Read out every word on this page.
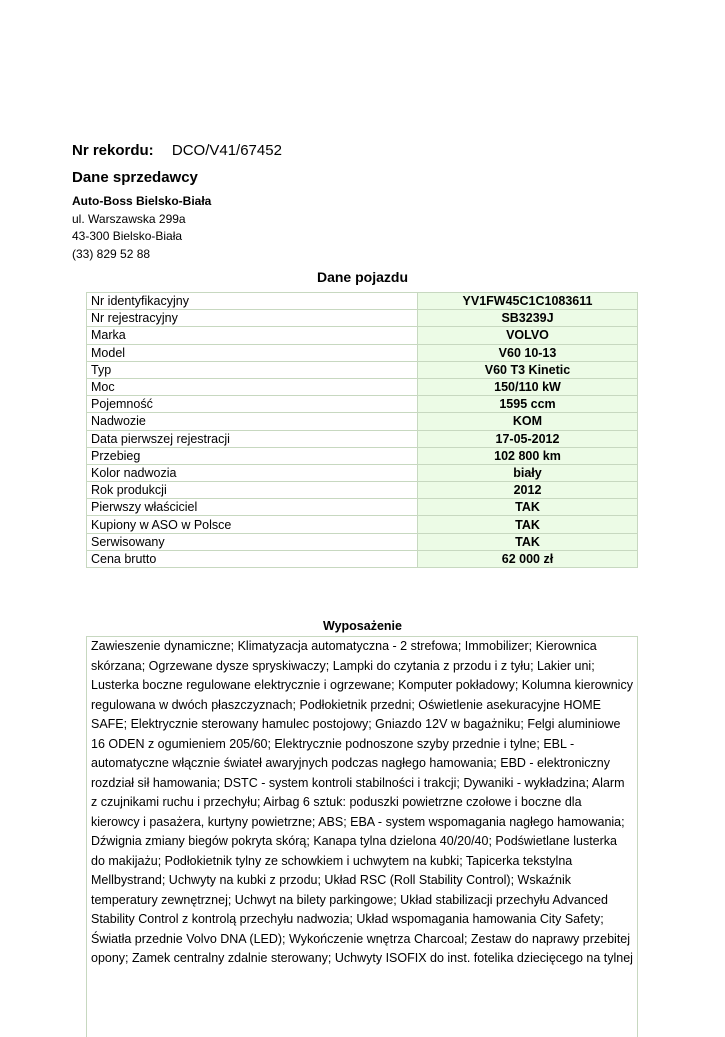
Nr rekordu: DCO/V41/67452
Dane sprzedawcy
Auto-Boss Bielsko-Biała
ul. Warszawska 299a
43-300 Bielsko-Biała
(33) 829 52 88
Dane pojazdu
Nr identyfikacyjny	YV1FW45C1C1083611
Nr rejestracyjny	SB3239J
Marka	VOLVO
Model	V60 10-13
Typ	V60 T3 Kinetic
Moc	150/110 kW
Pojemność	1595 ccm
Nadwozie	KOM
Data pierwszej rejestracji	17-05-2012
Przebieg	102 800 km
Kolor nadwozia	biały
Rok produkcji	2012
Pierwszy właściciel	TAK
Kupiony w ASO w Polsce	TAK
Serwisowany	TAK
Cena brutto	62 000 zł
Wyposażenie
Zawieszenie dynamiczne; Klimatyzacja automatyczna - 2 strefowa; Immobilizer; Kierownica skórzana; Ogrzewane dysze spryskiwaczy; Lampki do czytania z przodu i z tyłu; Lakier uni; Lusterka boczne regulowane elektrycznie i ogrzewane; Komputer pokładowy; Kolumna kierownicy regulowana w dwóch płaszczyznach; Podłokietnik przedni; Oświetlenie asekuracyjne HOME SAFE; Elektrycznie sterowany hamulec postojowy; Gniazdo 12V w bagażniku; Felgi aluminiowe 16 ODEN z ogumieniem 205/60; Elektrycznie podnoszone szyby przednie i tylne; EBL - automatyczne włącznie świateł awaryjnych podczas nagłego hamowania; EBD - elektroniczny rozdział sił hamowania; DSTC - system kontroli stabilności i trakcji; Dywaniki - wykładzina; Alarm z czujnikami ruchu i przechyłu; Airbag 6 sztuk: poduszki powietrzne czołowe i boczne dla kierowcy i pasażera, kurtyny powietrzne; ABS; EBA - system wspomagania nagłego hamowania; Dźwignia zmiany biegów pokryta skórą; Kanapa tylna dzielona 40/20/40; Podświetlane lusterka do makijażu; Podłokietnik tylny ze schowkiem i uchwytem na kubki; Tapicerka tekstylna Mellbystrand; Uchwyty na kubki z przodu; Układ RSC (Roll Stability Control); Wskaźnik temperatury zewnętrznej; Uchwyt na bilety parkingowe; Układ stabilizacji przechyłu Advanced Stability Control z kontrolą przechyłu nadwozia; Układ wspomagania hamowania City Safety; Światła przednie Volvo DNA (LED); Wykończenie wnętrza Charcoal; Zestaw do naprawy przebitej opony; Zamek centralny zdalnie sterowany; Uchwyty ISOFIX do inst. fotelika dziecięcego na tylnej
